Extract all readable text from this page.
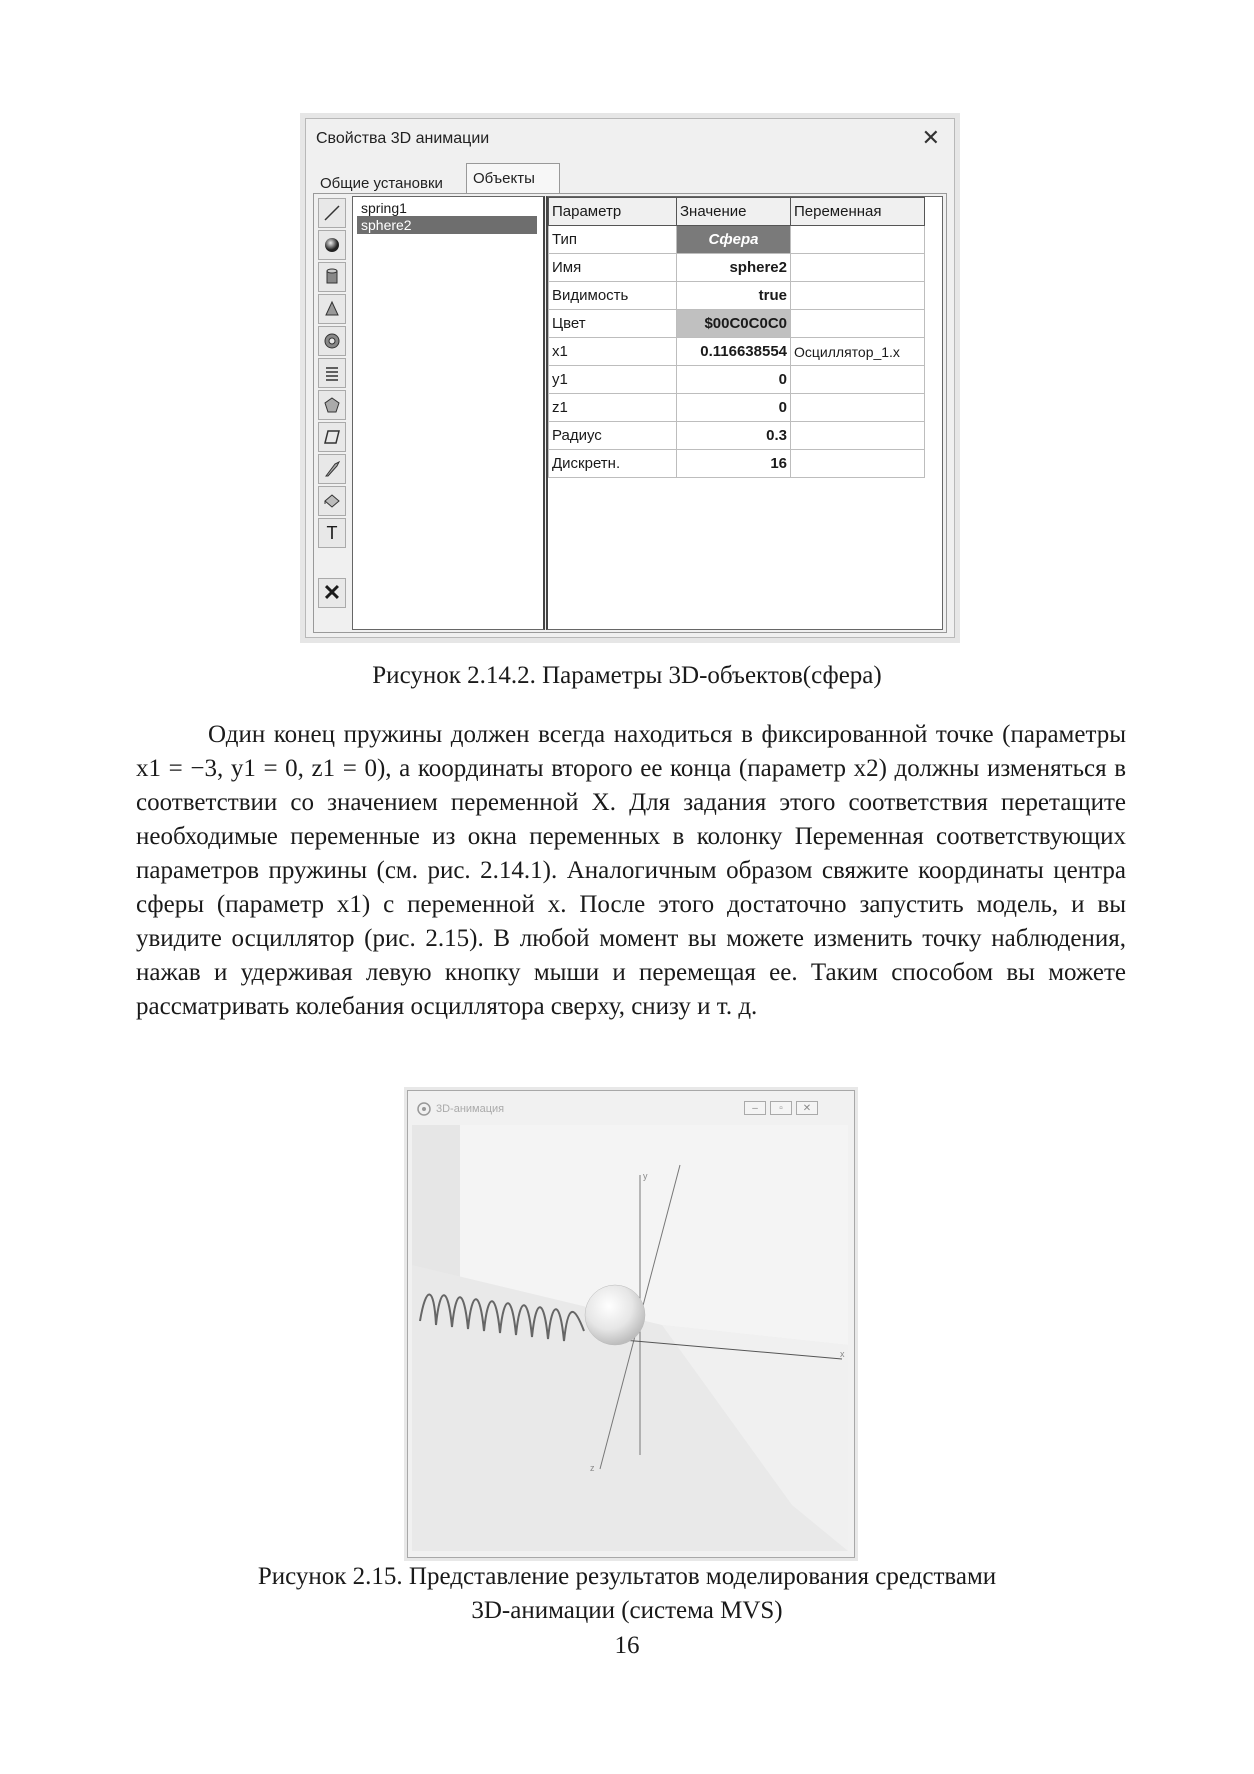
Свойства 3D анимации	✕
Общие установки	Объекты
T
✕
spring1
sphere2
Параметр	Значение	Переменная
Тип	Сфера	
Имя	sphere2	
Видимость	true	
Цвет	$00C0C0C0	
x1	0.116638554	Осциллятор_1.x
y1	0	
z1	0	
Радиус	0.3	
Дискретн.	16	
Рисунок 2.14.2. Параметры 3D-объектов(сфера)

Один конец пружины должен всегда находиться в фиксированной точке (параметры x1 = −3, y1 = 0, z1 = 0), а координаты второго ее конца (параметр x2) должны изменяться в соответствии со значением переменной X. Для задания этого соответствия перетащите необходимые переменные из окна переменных в колонку Переменная соответствующих параметров пружины (см. рис. 2.14.1). Аналогичным образом свяжите координаты центра сферы (параметр x1) с переменной x. После этого достаточно запустить модель, и вы увидите осциллятор (рис. 2.15). В любой момент вы можете изменить точку наблюдения, нажав и удерживая левую кнопку мыши и перемещая ее. Таким способом вы можете рассматривать колебания осциллятора сверху, снизу и т. д.

3D-анимация	–	▫	✕
y
x
z
Рисунок 2.15. Представление результатов моделирования средствами
3D-анимации (система MVS)
16
